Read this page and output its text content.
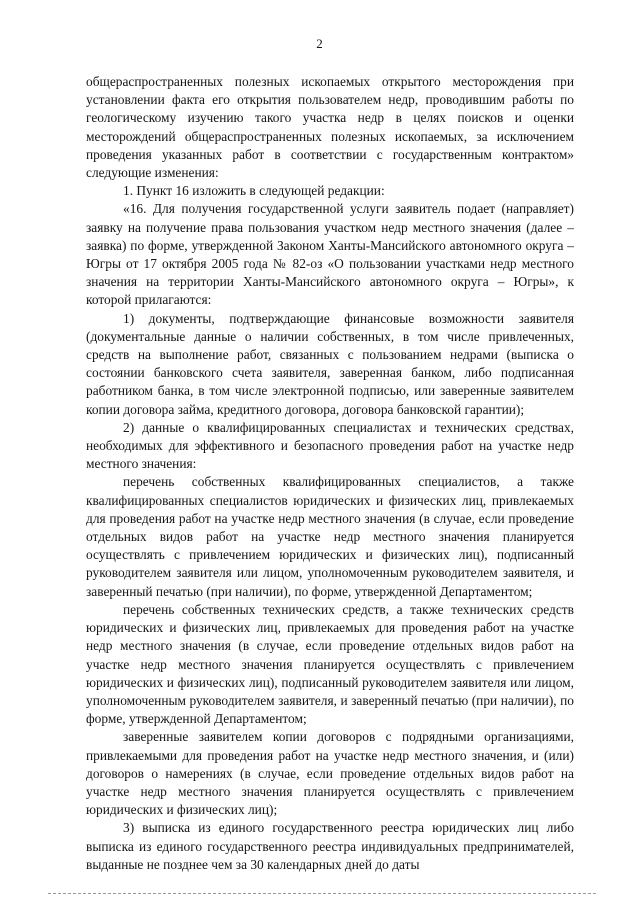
2

общераспространенных полезных ископаемых открытого месторождения при установлении факта его открытия пользователем недр, проводившим работы по геологическому изучению такого участка недр в целях поисков и оценки месторождений общераспространенных полезных ископаемых, за исключением проведения указанных работ в соответствии с государственным контрактом» следующие изменения:

1. Пункт 16 изложить в следующей редакции:

«16. Для получения государственной услуги заявитель подает (направляет) заявку на получение права пользования участком недр местного значения (далее – заявка) по форме, утвержденной Законом Ханты-Мансийского автономного округа – Югры от 17 октября 2005 года № 82-оз «О пользовании участками недр местного значения на территории Ханты-Мансийского автономного округа – Югры», к которой прилагаются:

1) документы, подтверждающие финансовые возможности заявителя (документальные данные о наличии собственных, в том числе привлеченных, средств на выполнение работ, связанных с пользованием недрами (выписка о состоянии банковского счета заявителя, заверенная банком, либо подписанная работником банка, в том числе электронной подписью, или заверенные заявителем копии договора займа, кредитного договора, договора банковской гарантии);

2) данные о квалифицированных специалистах и технических средствах, необходимых для эффективного и безопасного проведения работ на участке недр местного значения:

перечень собственных квалифицированных специалистов, а также квалифицированных специалистов юридических и физических лиц, привлекаемых для проведения работ на участке недр местного значения (в случае, если проведение отдельных видов работ на участке недр местного значения планируется осуществлять с привлечением юридических и физических лиц), подписанный руководителем заявителя или лицом, уполномоченным руководителем заявителя, и заверенный печатью (при наличии), по форме, утвержденной Департаментом;

перечень собственных технических средств, а также технических средств юридических и физических лиц, привлекаемых для проведения работ на участке недр местного значения (в случае, если проведение отдельных видов работ на участке недр местного значения планируется осуществлять с привлечением юридических и физических лиц), подписанный руководителем заявителя или лицом, уполномоченным руководителем заявителя, и заверенный печатью (при наличии), по форме, утвержденной Департаментом;

заверенные заявителем копии договоров с подрядными организациями, привлекаемыми для проведения работ на участке недр местного значения, и (или) договоров о намерениях (в случае, если проведение отдельных видов работ на участке недр местного значения планируется осуществлять с привлечением юридических и физических лиц);

3) выписка из единого государственного реестра юридических лиц либо выписка из единого государственного реестра индивидуальных предпринимателей, выданные не позднее чем за 30 календарных дней до даты
